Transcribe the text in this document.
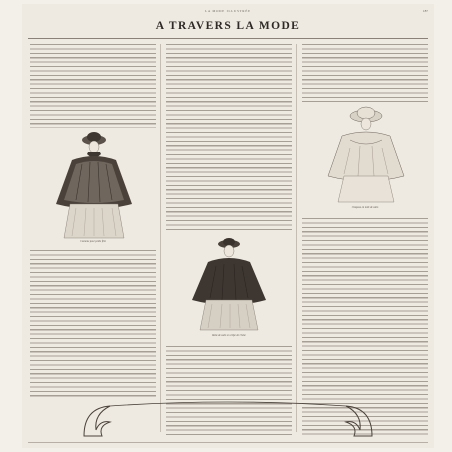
LA MODE ILLUSTRÉE	187
A TRAVERS LA MODE
Costume pour petite fille
Robe de satin en crêpe de Chine
Chapeau en tulle de satin
